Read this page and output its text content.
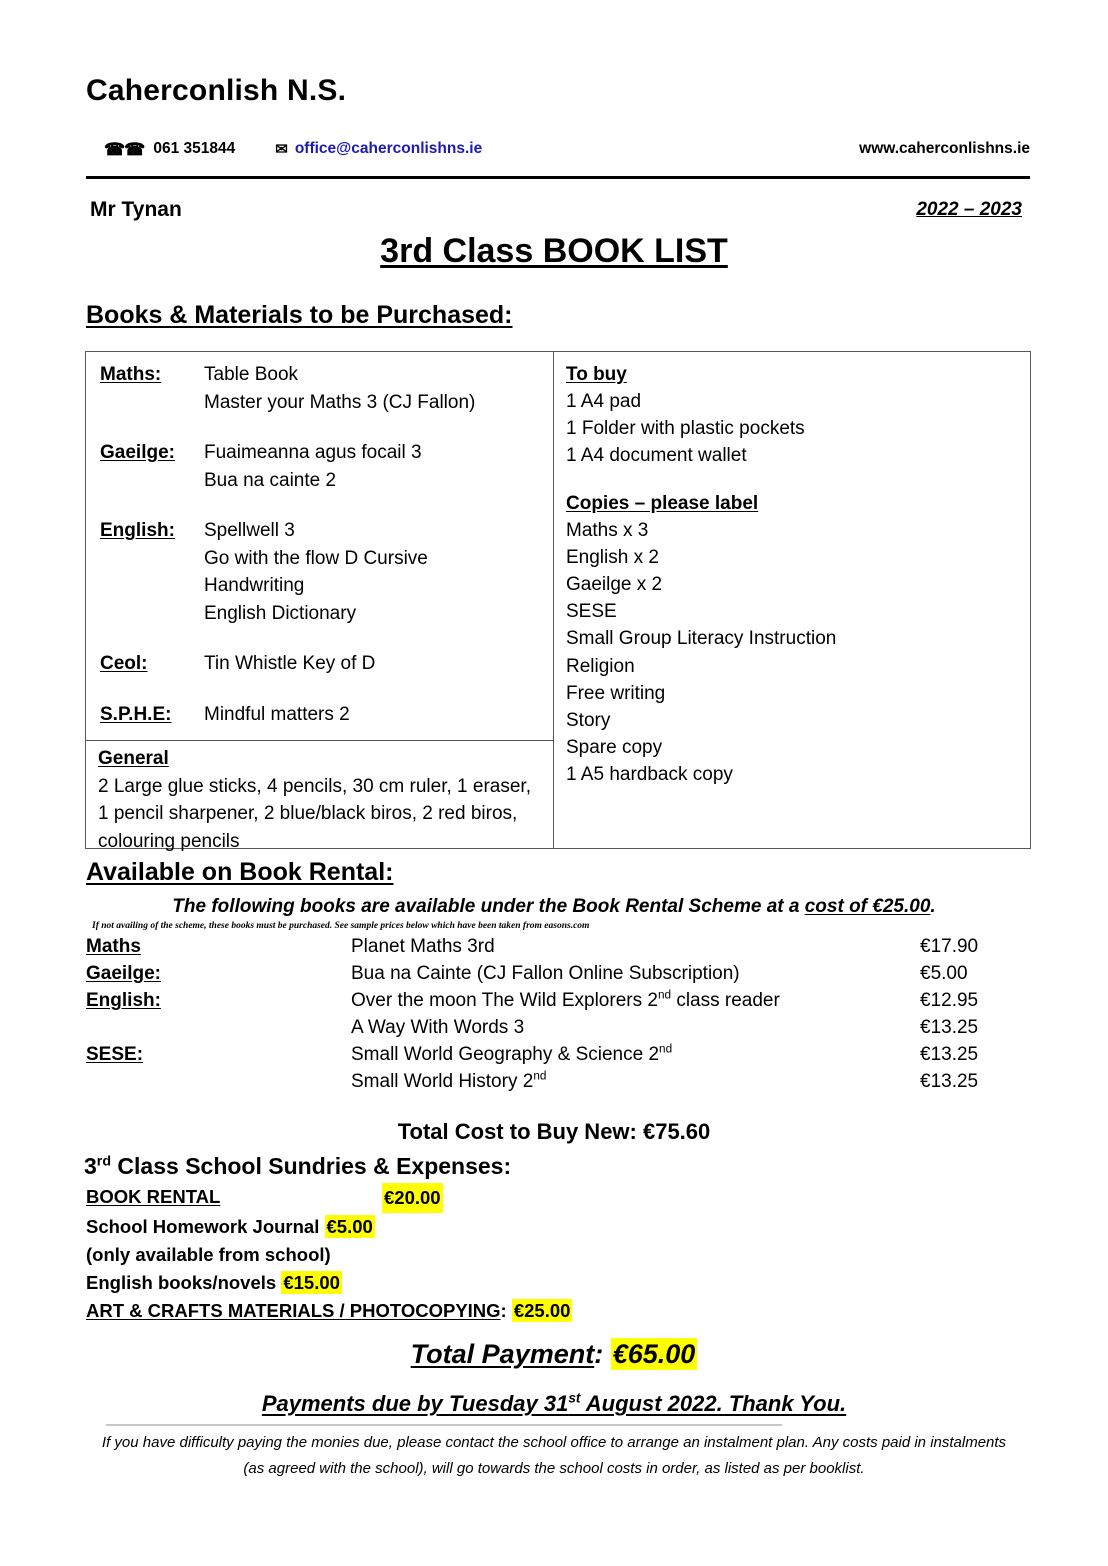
Caherconlish N.S.
☎☎ 061 351844	✉ office@caherconlishns.ie	www.caherconlishns.ie
Mr Tynan	2022 – 2023
3rd Class BOOK LIST
Books & Materials to be Purchased:
Maths:	Table Book
Master your Maths 3 (CJ Fallon)
Gaeilge:	Fuaimeanna agus focail 3
Bua na cainte 2
English:	Spellwell 3
Go with the flow D Cursive
Handwriting
English Dictionary
Ceol:	Tin Whistle Key of D
S.P.H.E:	Mindful matters 2
General
2 Large glue sticks, 4 pencils, 30 cm ruler, 1 eraser,
1 pencil sharpener, 2 blue/black biros, 2 red biros,
colouring pencils
To buy
1 A4 pad
1 Folder with plastic pockets
1 A4 document wallet
Copies – please label
Maths x 3
English x 2
Gaeilge x 2
SESE
Small Group Literacy Instruction
Religion
Free writing
Story
Spare copy
1 A5 hardback copy
Available on Book Rental:
The following books are available under the Book Rental Scheme at a cost of €25.00.
If not availing of the scheme, these books must be purchased. See sample prices below which have been taken from easons.com
Maths	Planet Maths 3rd	€17.90
Gaeilge:	Bua na Cainte (CJ Fallon Online Subscription)	€5.00
English:	Over the moon The Wild Explorers 2nd class reader	€12.95
A Way With Words 3	€13.25
SESE:	Small World Geography & Science 2nd	€13.25
Small World History 2nd	€13.25
Total Cost to Buy New: €75.60
3rd Class School Sundries & Expenses:
BOOK RENTAL	€20.00
School Homework Journal €5.00
(only available from school)
English books/novels €15.00
ART & CRAFTS MATERIALS / PHOTOCOPYING: €25.00
Total Payment: €65.00
Payments due by Tuesday 31st August 2022. Thank You.
If you have difficulty paying the monies due, please contact the school office to arrange an instalment plan. Any costs paid in instalments
(as agreed with the school), will go towards the school costs in order, as listed as per booklist.
